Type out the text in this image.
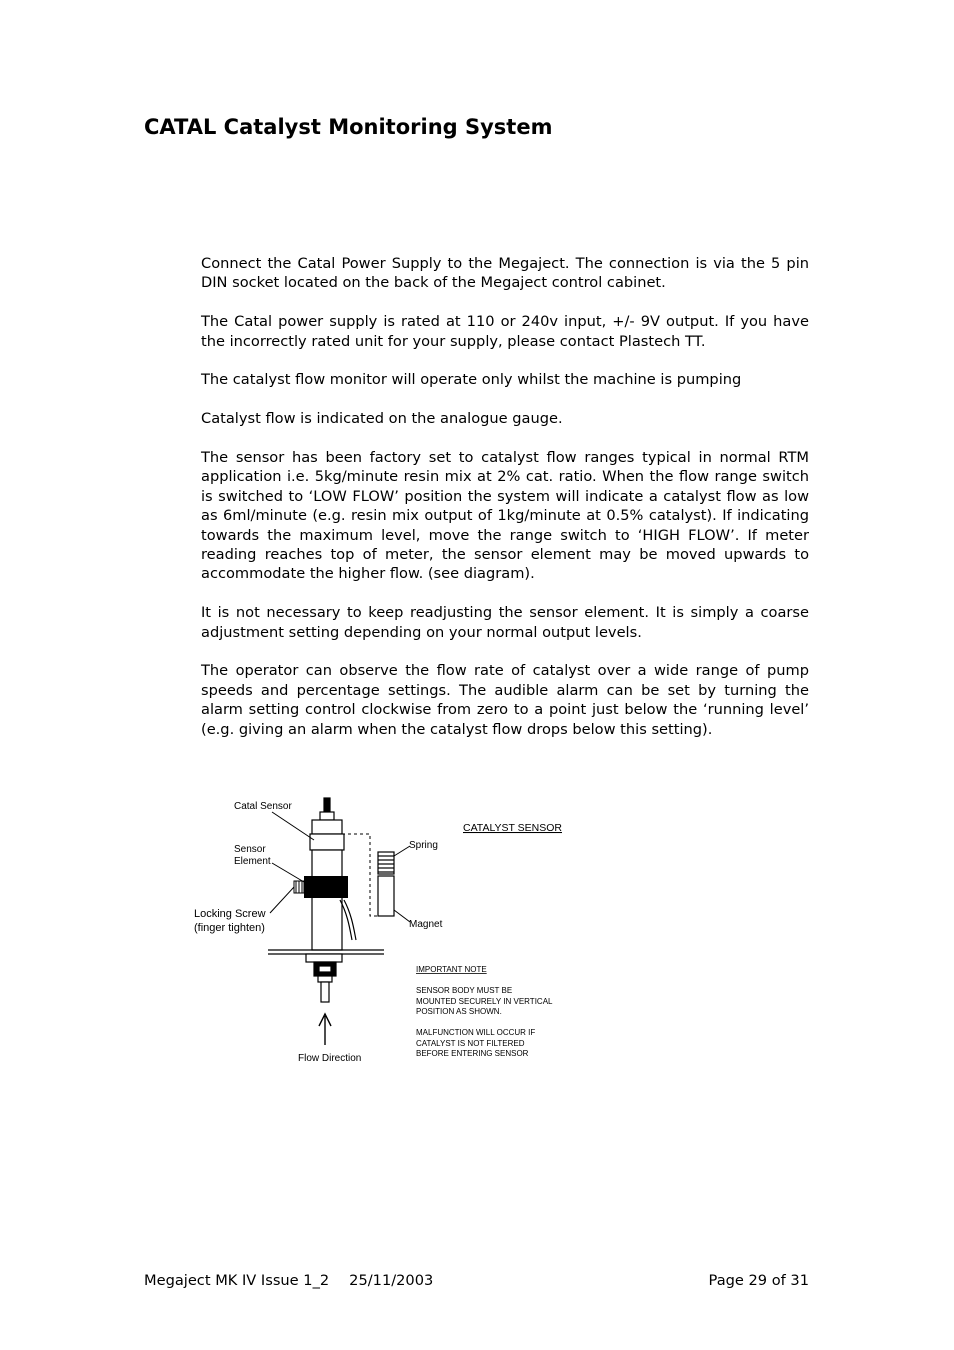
CATAL Catalyst Monitoring System

Connect the Catal Power Supply to the Megaject. The connection is via the 5 pin DIN socket located on the back of the Megaject control cabinet.

The Catal power supply is rated at 110 or 240v input, +/- 9V output. If you have the incorrectly rated unit for your supply, please contact Plastech TT.

The catalyst flow monitor will operate only whilst the machine is pumping

Catalyst flow is indicated on the analogue gauge.

The sensor has been factory set to catalyst flow ranges typical in normal RTM application i.e. 5kg/minute resin mix at 2% cat. ratio. When the flow range switch is switched to ‘LOW FLOW’ position the system will indicate a catalyst flow as low as 6ml/minute (e.g. resin mix output of 1kg/minute at 0.5% catalyst). If indicating towards the maximum level, move the range switch to ‘HIGH FLOW’. If meter reading reaches top of meter, the sensor element may be moved upwards to accommodate the higher flow. (see diagram).

It is not necessary to keep readjusting the sensor element. It is simply a coarse adjustment setting depending on your normal output levels.

The operator can observe the flow rate of catalyst over a wide range of pump speeds and percentage settings. The audible alarm can be set by turning the alarm setting control clockwise from zero to a point just below the ‘running level’ (e.g. giving an alarm when the catalyst flow drops below this setting).

Catal Sensor
Sensor
Element
Spring
Locking Screw
(finger tighten)	Magnet
Flow Direction
CATALYST SENSOR
IMPORTANT NOTE
SENSOR BODY MUST BE
MOUNTED SECURELY IN VERTICAL
POSITION AS SHOWN.
MALFUNCTION WILL OCCUR IF
CATALYST IS NOT FILTERED
BEFORE ENTERING SENSOR
Megaject MK IV Issue 1_2 25/11/2003	Page 29 of 31
